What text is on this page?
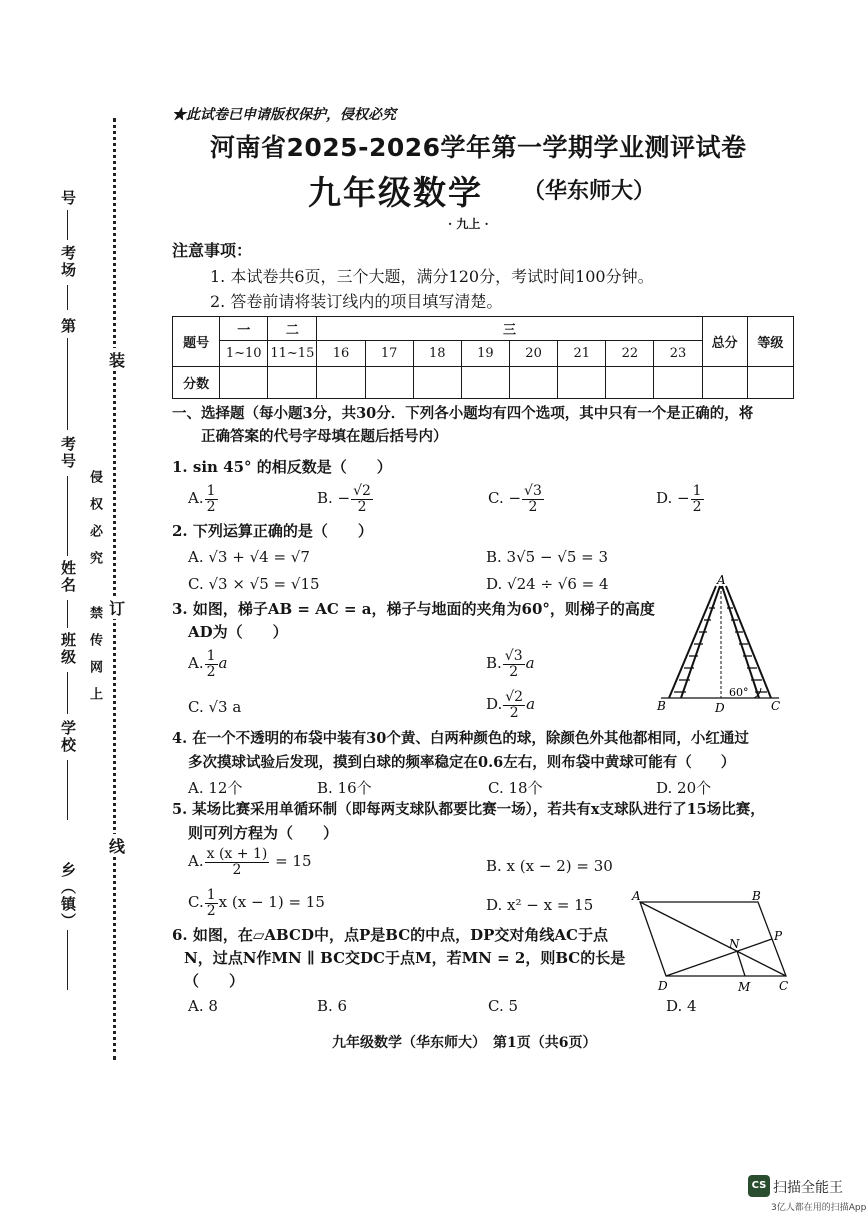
号
考场
第
考号
姓名
班级
学校
乡（镇）
侵权必究
禁传网上
装
订
线
★此试卷已申请版权保护，侵权必究
河南省2025-2026学年第一学期学业测评试卷
九年级数学 （华东师大）
· 九上 ·
注意事项：
1. 本试卷共6页，三个大题，满分120分，考试时间100分钟。
2. 答卷前请将装订线内的项目填写清楚。
题号	一	二	三								总分	等级
	1~10	11~15	16	17	18	19	20	21	22	23		
分数												
一、选择题（每小题3分，共30分．下列各小题均有四个选项，其中只有一个是正确的，将
正确答案的代号字母填在题后括号内）
1. sin 45° 的相反数是（　　）
A. $\frac{1}{2}$	B. − $\frac{√2}{2}$	C. − $\frac{√3}{2}$	D. − $\frac{1}{2}$
2. 下列运算正确的是（　　）
A. √3 + √4 = √7	B. 3√5 − √5 = 3
C. √3 × √5 = √15	D. √24 ÷ √6 = 4
3. 如图，梯子AB = AC = a，梯子与地面的夹角为60°，则梯子的高度
AD为（　　）
A. $\frac{1}{2}$ a	B. $\frac{√3}{2}$ a
C. √3 a	D. $\frac{√2}{2}$ a
A
B	D	C
60°
4. 在一个不透明的布袋中装有30个黄、白两种颜色的球，除颜色外其他都相同，小红通过
多次摸球试验后发现，摸到白球的频率稳定在0.6左右，则布袋中黄球可能有（　　）
A. 12个	B. 16个	C. 18个	D. 20个
5. 某场比赛采用单循环制（即每两支球队都要比赛一场），若共有x支球队进行了15场比赛，
则可列方程为（　　）
A. $\frac{x (x + 1)}{2} = 15$	B. x (x − 2) = 30
C. $\frac{1}{2}$ x (x − 1) = 15	D. x² − x = 15
6. 如图，在▱ABCD中，点P是BC的中点，DP交对角线AC于点
N，过点N作MN ∥ BC交DC于点M，若MN = 2，则BC的长是
（　　）
A. 8	B. 6	C. 5	D. 4
A	B
P
N
D	M C
九年级数学（华东师大）　第1页（共6页）
CS 扫描全能王
3亿人都在用的扫描App
